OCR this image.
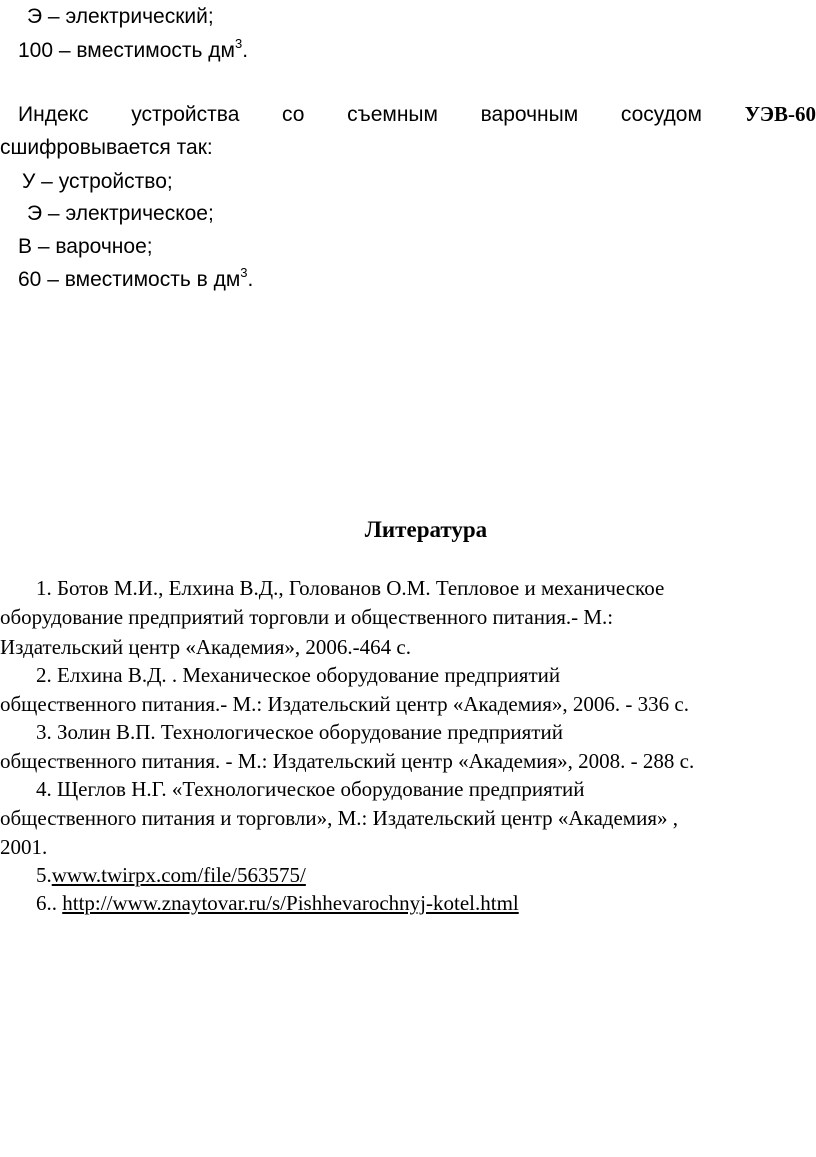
Э – электрический;
100 – вместимость $дм^3$.
Индекс устройства со съемным варочным сосудом УЭВ-60
сшифровывается так:
У – устройство;
Э – электрическое;
В – варочное;
60 – вместимость в $дм^3$.
Литература
1. Ботов М.И., Елхина В.Д., Голованов О.М. Тепловое и механическое
оборудование предприятий торговли и общественного питания.- М.:
Издательский центр «Академия», 2006.-464 с.
2. Елхина В.Д. . Механическое оборудование предприятий
общественного питания.- М.: Издательский центр «Академия», 2006. - 336 с.
3. Золин В.П. Технологическое оборудование предприятий
общественного питания. - М.: Издательский центр «Академия», 2008. - 288 с.
4. Щеглов Н.Г. «Технологическое оборудование предприятий
общественного питания и торговли», М.: Издательский центр «Академия» ,
2001.
5.www.twirpx.com/file/563575/
6.. http://www.znaytovar.ru/s/Pishhevarochnyj-kotel.html
